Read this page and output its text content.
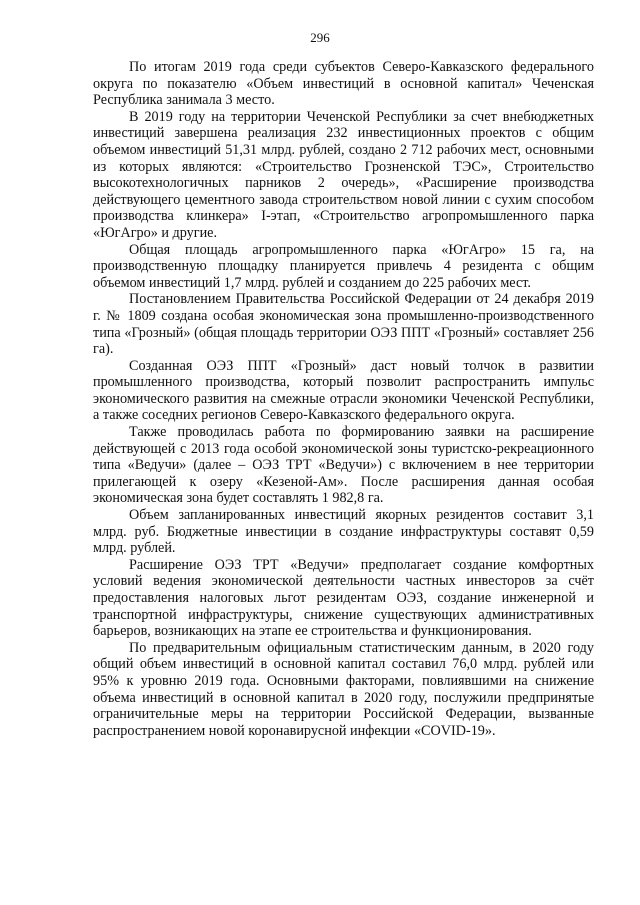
296

По итогам 2019 года среди субъектов Северо-Кавказского федерального округа по показателю «Объем инвестиций в основной капитал» Чеченская Республика занимала 3 место.

В 2019 году на территории Чеченской Республики за счет внебюджетных инвестиций завершена реализация 232 инвестиционных проектов с общим объемом инвестиций 51,31 млрд. рублей, создано 2 712 рабочих мест, основными из которых являются: «Строительство Грозненской ТЭС», Строительство высокотехнологичных парников 2 очередь», «Расширение производства действующего цементного завода строительством новой линии с сухим способом производства клинкера» I-этап, «Строительство агропромышленного парка «ЮгАгро» и другие.

Общая площадь агропромышленного парка «ЮгАгро» 15 га, на производственную площадку планируется привлечь 4 резидента с общим объемом инвестиций 1,7 млрд. рублей и созданием до 225 рабочих мест.

Постановлением Правительства Российской Федерации от 24 декабря 2019 г. № 1809 создана особая экономическая зона промышленно-производственного типа «Грозный» (общая площадь территории ОЭЗ ППТ «Грозный» составляет 256 га).

Созданная ОЭЗ ППТ «Грозный» даст новый толчок в развитии промышленного производства, который позволит распространить импульс экономического развития на смежные отрасли экономики Чеченской Республики, а также соседних регионов Северо-Кавказского федерального округа.

Также проводилась работа по формированию заявки на расширение действующей с 2013 года особой экономической зоны туристско-рекреационного типа «Ведучи» (далее – ОЭЗ ТРТ «Ведучи») с включением в нее территории прилегающей к озеру «Кезеной-Ам». После расширения данная особая экономическая зона будет составлять 1 982,8 га.

Объем запланированных инвестиций якорных резидентов составит 3,1 млрд. руб. Бюджетные инвестиции в создание инфраструктуры составят 0,59 млрд. рублей.

Расширение ОЭЗ ТРТ «Ведучи» предполагает создание комфортных условий ведения экономической деятельности частных инвесторов за счёт предоставления налоговых льгот резидентам ОЭЗ, создание инженерной и транспортной инфраструктуры, снижение существующих административных барьеров, возникающих на этапе ее строительства и функционирования.

По предварительным официальным статистическим данным, в 2020 году общий объем инвестиций в основной капитал составил 76,0 млрд. рублей или 95% к уровню 2019 года. Основными факторами, повлиявшими на снижение объема инвестиций в основной капитал в 2020 году, послужили предпринятые ограничительные меры на территории Российской Федерации, вызванные распространением новой коронавирусной инфекции «COVID-19».
